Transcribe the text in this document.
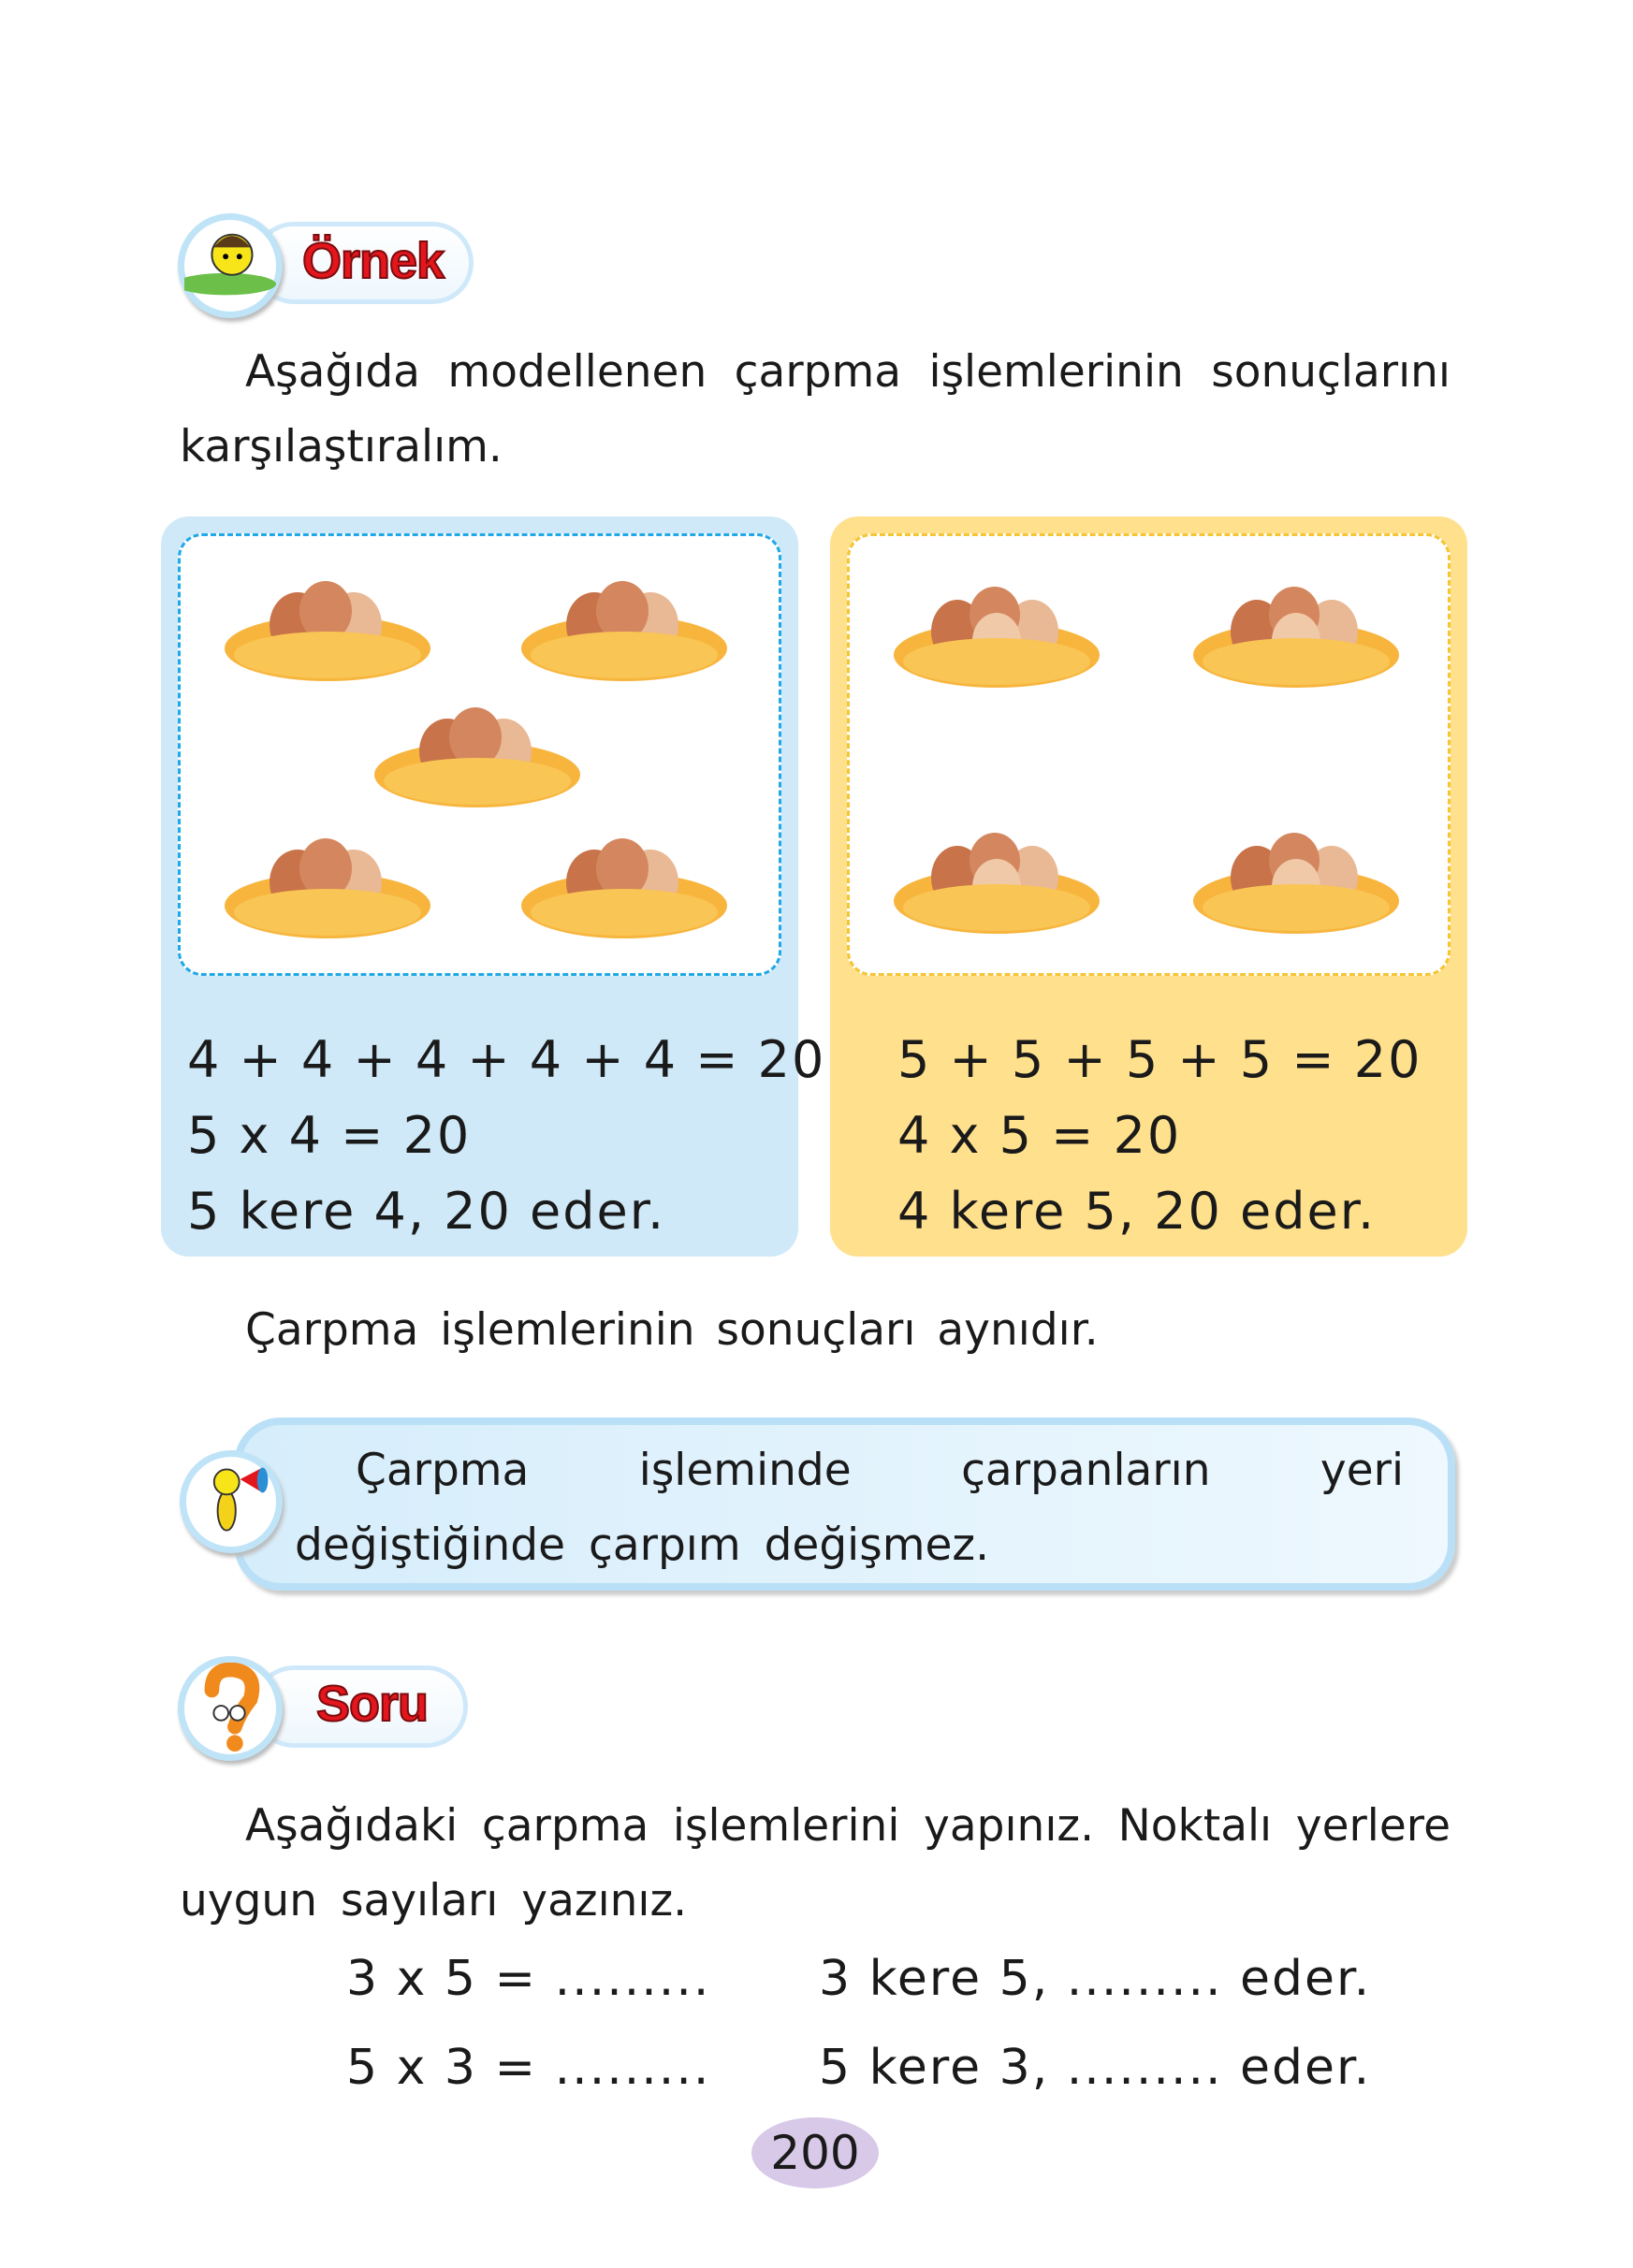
Örnek
Aşağıda modellenen çarpma işlemlerinin sonuçlarını karşılaştıralım.
4 + 4 + 4 + 4 + 4 = 20
5 x 4 = 20
5 kere 4, 20 eder.
5 + 5 + 5 + 5 = 20
4 x 5 = 20
4 kere 5, 20 eder.
Çarpma işlemlerinin sonuçları aynıdır.
Çarpma işleminde çarpanların yeri değiştiğinde çarpım değişmez.
Soru
Aşağıdaki çarpma işlemlerini yapınız. Noktalı yerlere uygun sayıları yazınız.
3 x 5 = ......... 3 kere 5, ......... eder.
5 x 3 = ......... 5 kere 3, ......... eder.
200
